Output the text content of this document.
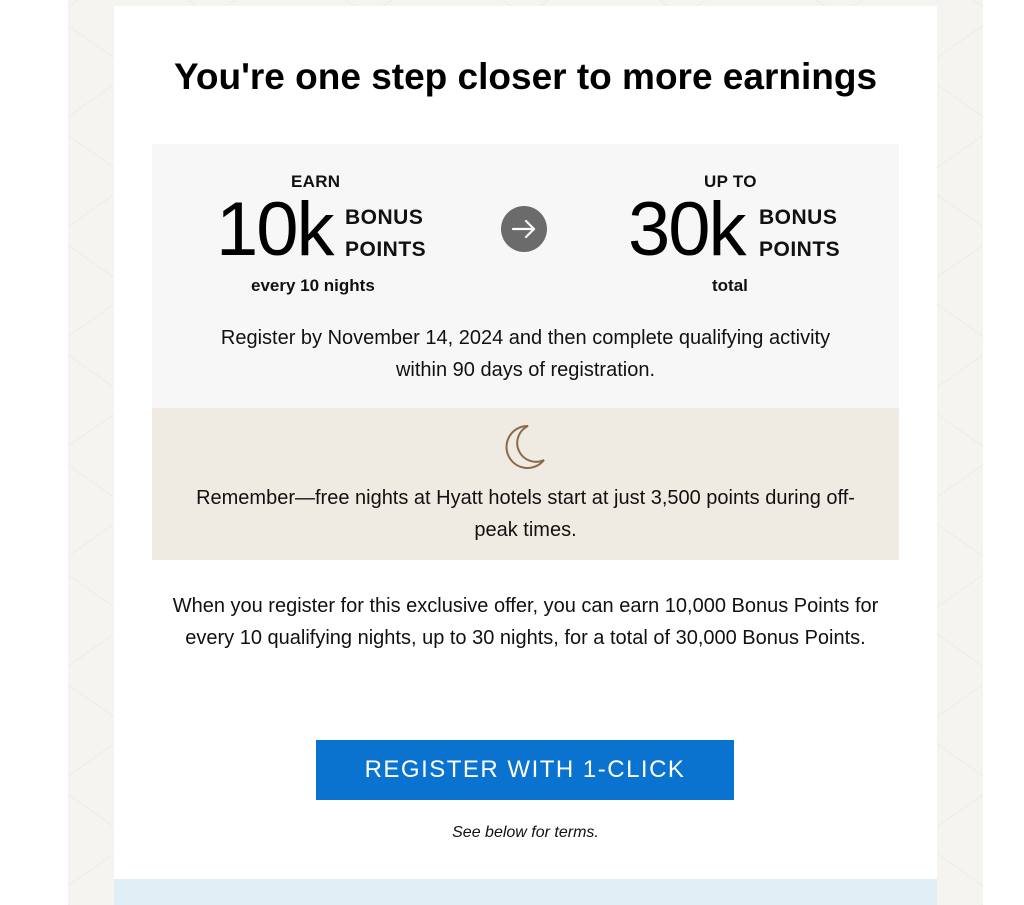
You're one step closer to more earnings
EARN
10k BONUS
POINTS
every 10 nights
UP TO
30k BONUS
POINTS
total
Register by November 14, 2024 and then complete qualifying activity within 90 days of registration.
Remember—free nights at Hyatt hotels start at just 3,500 points during off-peak times.
When you register for this exclusive offer, you can earn 10,000 Bonus Points for every 10 qualifying nights, up to 30 nights, for a total of 30,000 Bonus Points.
REGISTER WITH 1-CLICK
See below for terms.
